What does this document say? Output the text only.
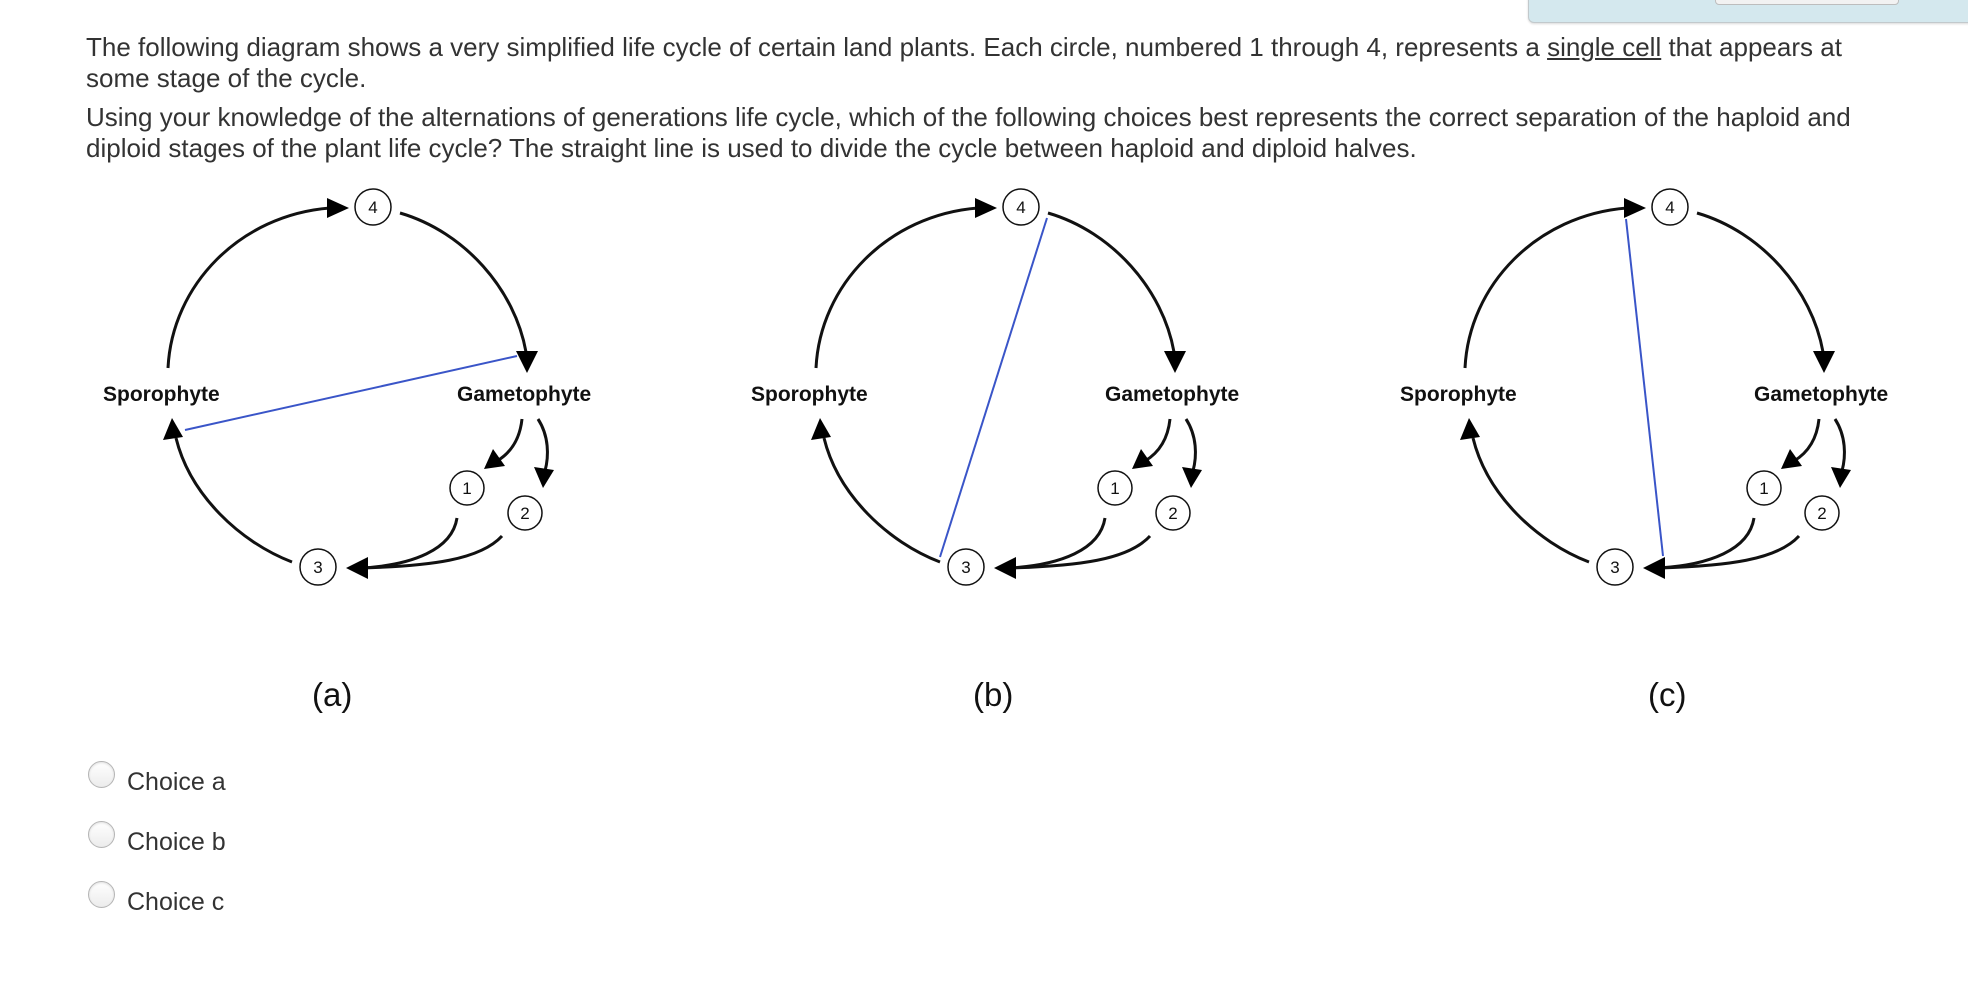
The following diagram shows a very simplified life cycle of certain land plants. Each circle, numbered 1 through 4, represents a single cell that appears at some stage of the cycle.

Using your knowledge of the alternations of generations life cycle, which of the following choices best represents the correct separation of the haploid and diploid stages of the plant life cycle? The straight line is used to divide the cycle between haploid and diploid halves.

Sporophyte	Gametophyte
4
3
1
2
Sporophyte	Gametophyte
4
3
1
2
Sporophyte	Gametophyte
4
3
1
2
(a)	(b)	(c)
Choice a
Choice b
Choice c
